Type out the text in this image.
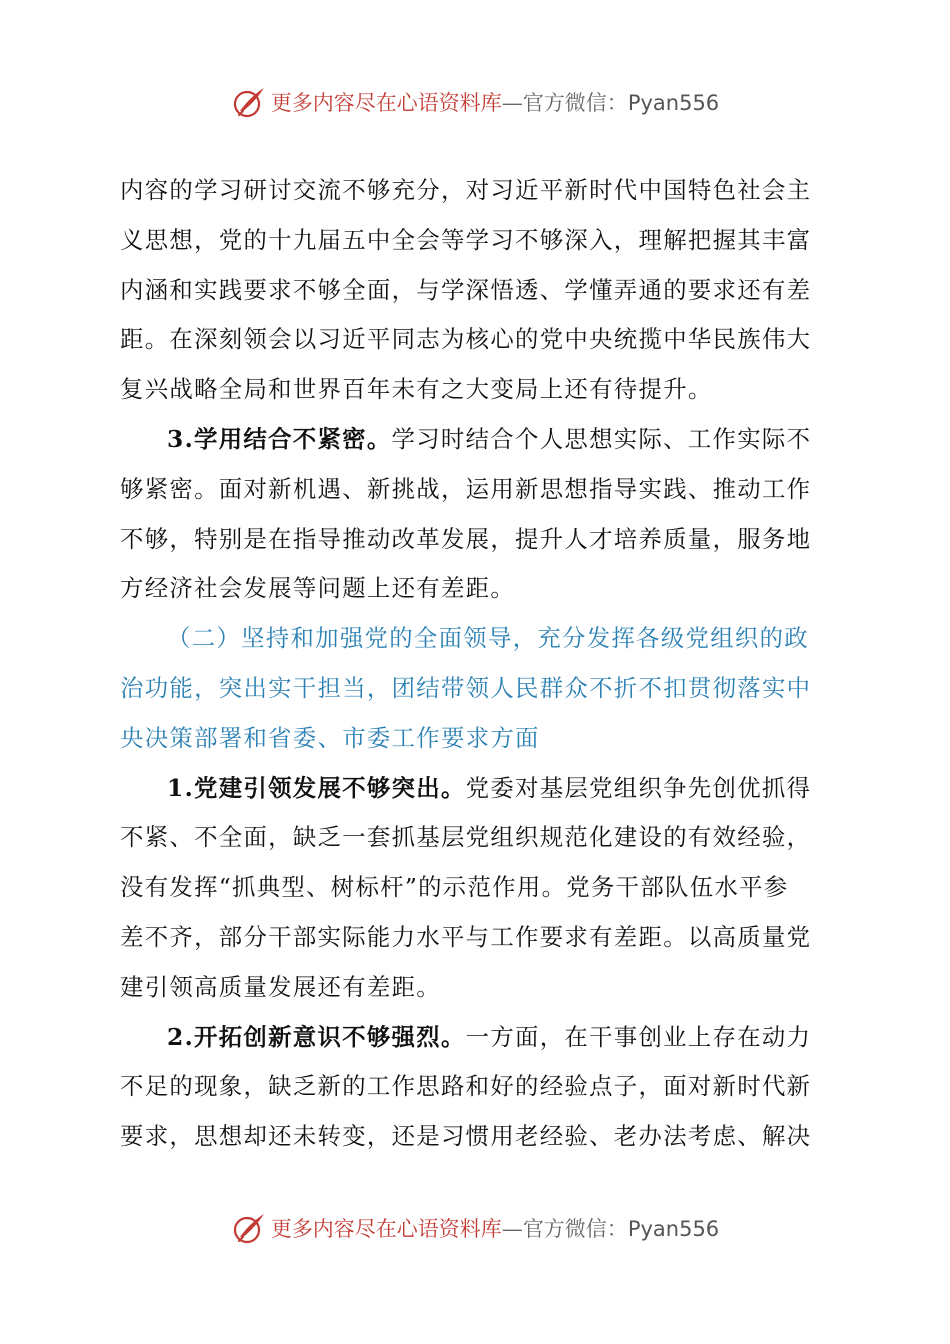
更多内容尽在心语资料库—官方微信：Pyan556

内容的学习研讨交流不够充分，对习近平新时代中国特色社会主
义思想，党的十九届五中全会等学习不够深入，理解把握其丰富
内涵和实践要求不够全面，与学深悟透、学懂弄通的要求还有差
距。在深刻领会以习近平同志为核心的党中央统揽中华民族伟大
复兴战略全局和世界百年未有之大变局上还有待提升。

3.学用结合不紧密。学习时结合个人思想实际、工作实际不
够紧密。面对新机遇、新挑战，运用新思想指导实践、推动工作
不够，特别是在指导推动改革发展，提升人才培养质量，服务地
方经济社会发展等问题上还有差距。

（二）坚持和加强党的全面领导，充分发挥各级党组织的政
治功能，突出实干担当，团结带领人民群众不折不扣贯彻落实中
央决策部署和省委、市委工作要求方面

1.党建引领发展不够突出。党委对基层党组织争先创优抓得
不紧、不全面，缺乏一套抓基层党组织规范化建设的有效经验，
没有发挥“抓典型、树标杆”的示范作用。党务干部队伍水平参
差不齐，部分干部实际能力水平与工作要求有差距。以高质量党
建引领高质量发展还有差距。

2.开拓创新意识不够强烈。一方面，在干事创业上存在动力
不足的现象，缺乏新的工作思路和好的经验点子，面对新时代新
要求，思想却还未转变，还是习惯用老经验、老办法考虑、解决

更多内容尽在心语资料库—官方微信：Pyan556
